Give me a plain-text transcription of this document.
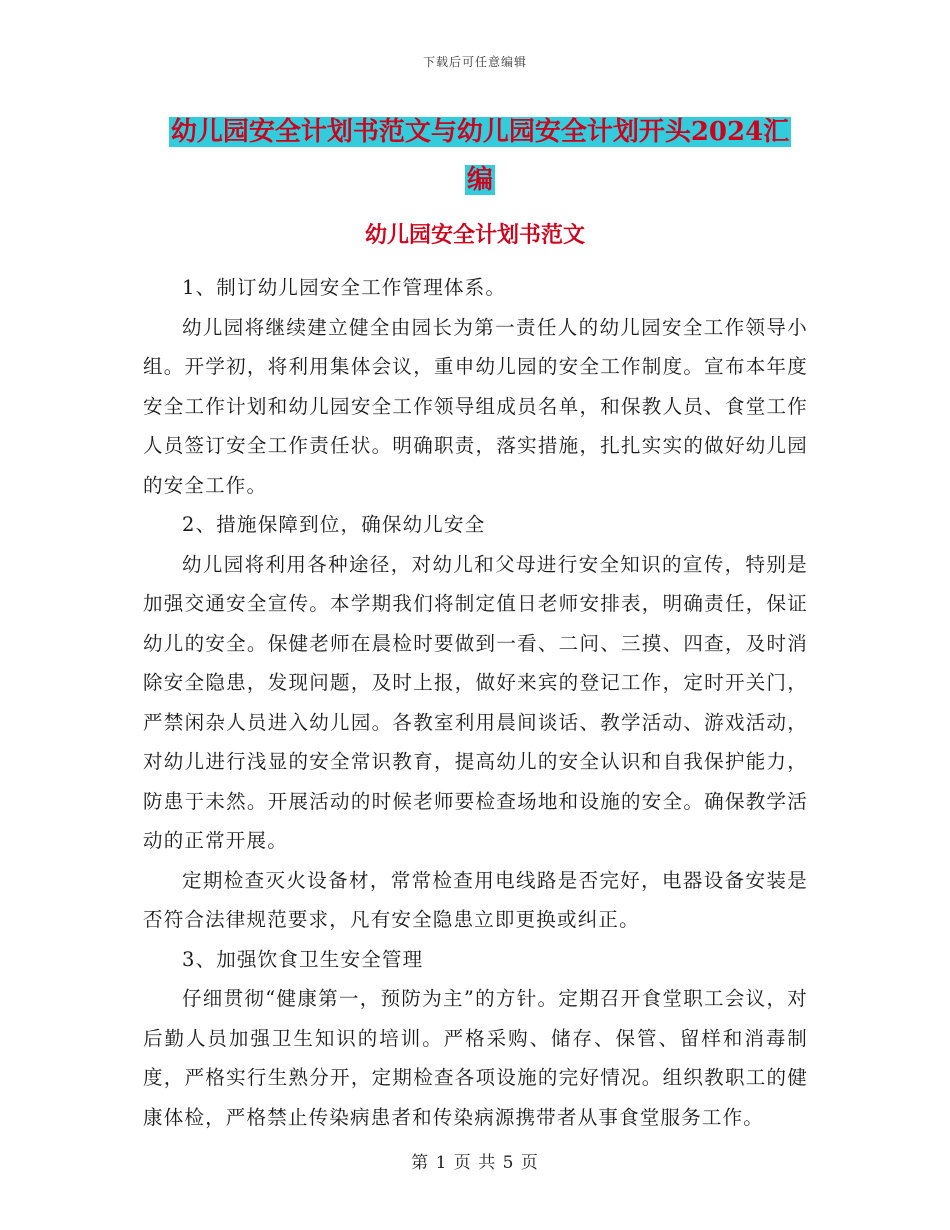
下载后可任意编辑
幼儿园安全计划书范文与幼儿园安全计划开头2024汇
编
幼儿园安全计划书范文

1、制订幼儿园安全工作管理体系。

幼儿园将继续建立健全由园长为第一责任人的幼儿园安全工作领导小组。开学初，将利用集体会议，重申幼儿园的安全工作制度。宣布本年度安全工作计划和幼儿园安全工作领导组成员名单，和保教人员、食堂工作人员签订安全工作责任状。明确职责，落实措施，扎扎实实的做好幼儿园的安全工作。

2、措施保障到位，确保幼儿安全

幼儿园将利用各种途径，对幼儿和父母进行安全知识的宣传，特别是加强交通安全宣传。本学期我们将制定值日老师安排表，明确责任，保证幼儿的安全。保健老师在晨检时要做到一看、二问、三摸、四查，及时消除安全隐患，发现问题，及时上报，做好来宾的登记工作，定时开关门，严禁闲杂人员进入幼儿园。各教室利用晨间谈话、教学活动、游戏活动，对幼儿进行浅显的安全常识教育，提高幼儿的安全认识和自我保护能力，防患于未然。开展活动的时候老师要检查场地和设施的安全。确保教学活动的正常开展。

定期检查灭火设备材，常常检查用电线路是否完好，电器设备安装是否符合法律规范要求，凡有安全隐患立即更换或纠正。

3、加强饮食卫生安全管理

仔细贯彻“健康第一，预防为主”的方针。定期召开食堂职工会议，对后勤人员加强卫生知识的培训。严格采购、储存、保管、留样和消毒制度，严格实行生熟分开，定期检查各项设施的完好情况。组织教职工的健康体检，严格禁止传染病患者和传染病源携带者从事食堂服务工作。

第 1 页 共 5 页
